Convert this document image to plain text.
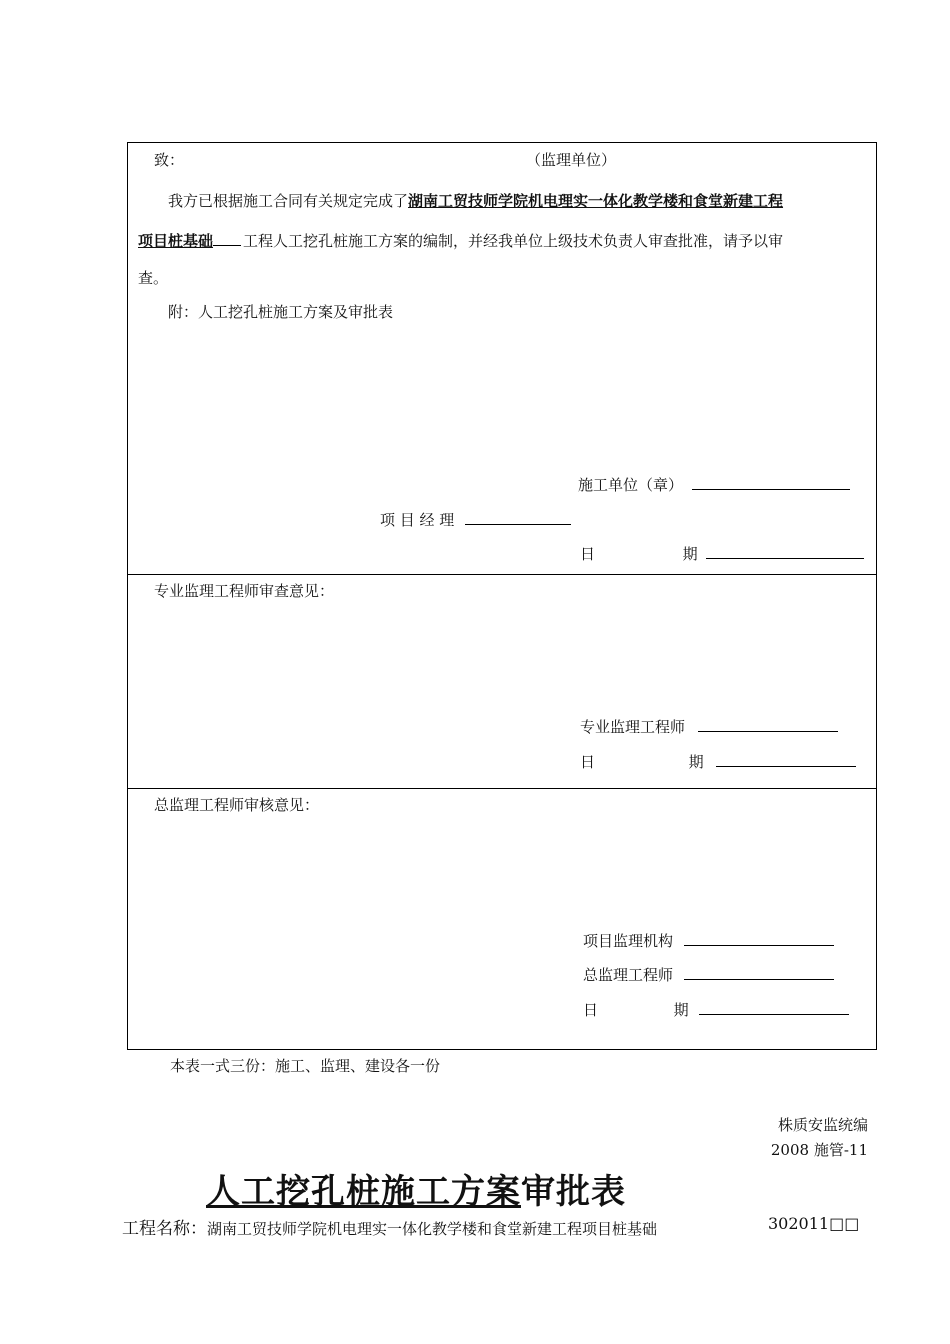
致：	（监理单位）
我方已根据施工合同有关规定完成了湖南工贸技师学院机电理实一体化教学楼和食堂新建工程
项目桩基础 工程人工挖孔桩施工方案的编制，并经我单位上级技术负责人审查批准，请予以审
查。
附：人工挖孔桩施工方案及审批表
施工单位（章）
项 目 经 理
日	期
专业监理工程师审查意见：
专业监理工程师
日	期
总监理工程师审核意见：
项目监理机构
总监理工程师
日	期
本表一式三份：施工、监理、建设各一份
株质安监统编
2008 施管-11
人工挖孔桩施工方案审批表
工程名称：湖南工贸技师学院机电理实一体化教学楼和食堂新建工程项目桩基础	302011□□
